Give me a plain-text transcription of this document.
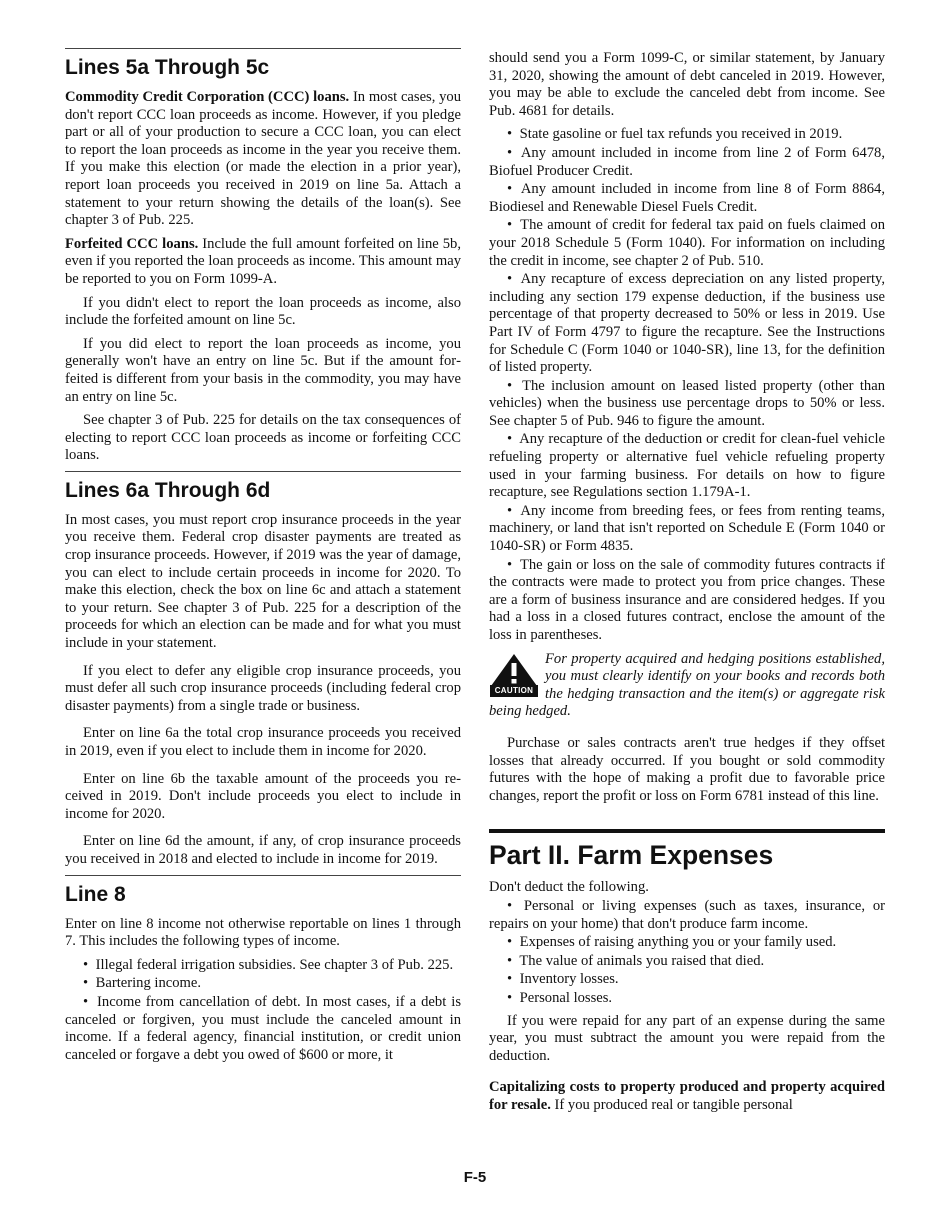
Lines 5a Through 5c

Commodity Credit Corporation (CCC) loans. In most cases, you don't report CCC loan proceeds as income. However, if you pledge part or all of your production to secure a CCC loan, you can elect to report the loan proceeds as income in the year you receive them. If you make this election (or made the election in a prior year), report loan proceeds you received in 2019 on line 5a. Attach a statement to your return showing the details of the loan(s). See chapter 3 of Pub. 225.

Forfeited CCC loans. Include the full amount forfeited on line 5b, even if you reported the loan proceeds as income. This amount may be reported to you on Form 1099-A.

If you didn't elect to report the loan proceeds as income, also include the forfeited amount on line 5c.

If you did elect to report the loan proceeds as income, you generally won't have an entry on line 5c. But if the amount forfeited is different from your basis in the commodity, you may have an entry on line 5c.

See chapter 3 of Pub. 225 for details on the tax consequences of electing to report CCC loan proceeds as income or forfeiting CCC loans.

Lines 6a Through 6d

In most cases, you must report crop insurance proceeds in the year you receive them. Federal crop disaster payments are treated as crop insurance proceeds. However, if 2019 was the year of damage, you can elect to include certain proceeds in income for 2020. To make this election, check the box on line 6c and attach a statement to your return. See chapter 3 of Pub. 225 for a description of the proceeds for which an election can be made and for what you must include in your statement.

If you elect to defer any eligible crop insurance proceeds, you must defer all such crop insurance proceeds (including federal crop disaster payments) from a single trade or business.

Enter on line 6a the total crop insurance proceeds you received in 2019, even if you elect to include them in income for 2020.

Enter on line 6b the taxable amount of the proceeds you received in 2019. Don't include proceeds you elect to include in income for 2020.

Enter on line 6d the amount, if any, of crop insurance proceeds you received in 2018 and elected to include in income for 2019.

Line 8

Enter on line 8 income not otherwise reportable on lines 1 through 7. This includes the following types of income.

• Illegal federal irrigation subsidies. See chapter 3 of Pub. 225.

• Bartering income.

• Income from cancellation of debt. In most cases, if a debt is canceled or forgiven, you must include the canceled amount in income. If a federal agency, financial institution, or credit union canceled or forgave a debt you owed of $600 or more, it

should send you a Form 1099-C, or similar statement, by January 31, 2020, showing the amount of debt canceled in 2019. However, you may be able to exclude the canceled debt from income. See Pub. 4681 for details.

• State gasoline or fuel tax refunds you received in 2019.

• Any amount included in income from line 2 of Form 6478, Biofuel Producer Credit.

• Any amount included in income from line 8 of Form 8864, Biodiesel and Renewable Diesel Fuels Credit.

• The amount of credit for federal tax paid on fuels claimed on your 2018 Schedule 5 (Form 1040). For information on including the credit in income, see chapter 2 of Pub. 510.

• Any recapture of excess depreciation on any listed property, including any section 179 expense deduction, if the business use percentage of that property decreased to 50% or less in 2019. Use Part IV of Form 4797 to figure the recapture. See the Instructions for Schedule C (Form 1040 or 1040-SR), line 13, for the definition of listed property.

• The inclusion amount on leased listed property (other than vehicles) when the business use percentage drops to 50% or less. See chapter 5 of Pub. 946 to figure the amount.

• Any recapture of the deduction or credit for clean-fuel vehicle refueling property or alternative fuel vehicle refueling property used in your farming business. For details on how to figure recapture, see Regulations section 1.179A-1.

• Any income from breeding fees, or fees from renting teams, machinery, or land that isn't reported on Schedule E (Form 1040 or 1040-SR) or Form 4835.

• The gain or loss on the sale of commodity futures contracts if the contracts were made to protect you from price changes. These are a form of business insurance and are considered hedges. If you had a loss in a closed futures contract, enclose the amount of the loss in parentheses.

CAUTION
For property acquired and hedging positions established, you must clearly identify on your books and records both the hedging transaction and the item(s) or aggregate risk being hedged.

Purchase or sales contracts aren't true hedges if they offset losses that already occurred. If you bought or sold commodity futures with the hope of making a profit due to favorable price changes, report the profit or loss on Form 6781 instead of this line.

Part II. Farm Expenses

Don't deduct the following.

• Personal or living expenses (such as taxes, insurance, or repairs on your home) that don't produce farm income.

• Expenses of raising anything you or your family used.

• The value of animals you raised that died.

• Inventory losses.

• Personal losses.

If you were repaid for any part of an expense during the same year, you must subtract the amount you were repaid from the deduction.

Capitalizing costs to property produced and property acquired for resale. If you produced real or tangible personal

F-5
